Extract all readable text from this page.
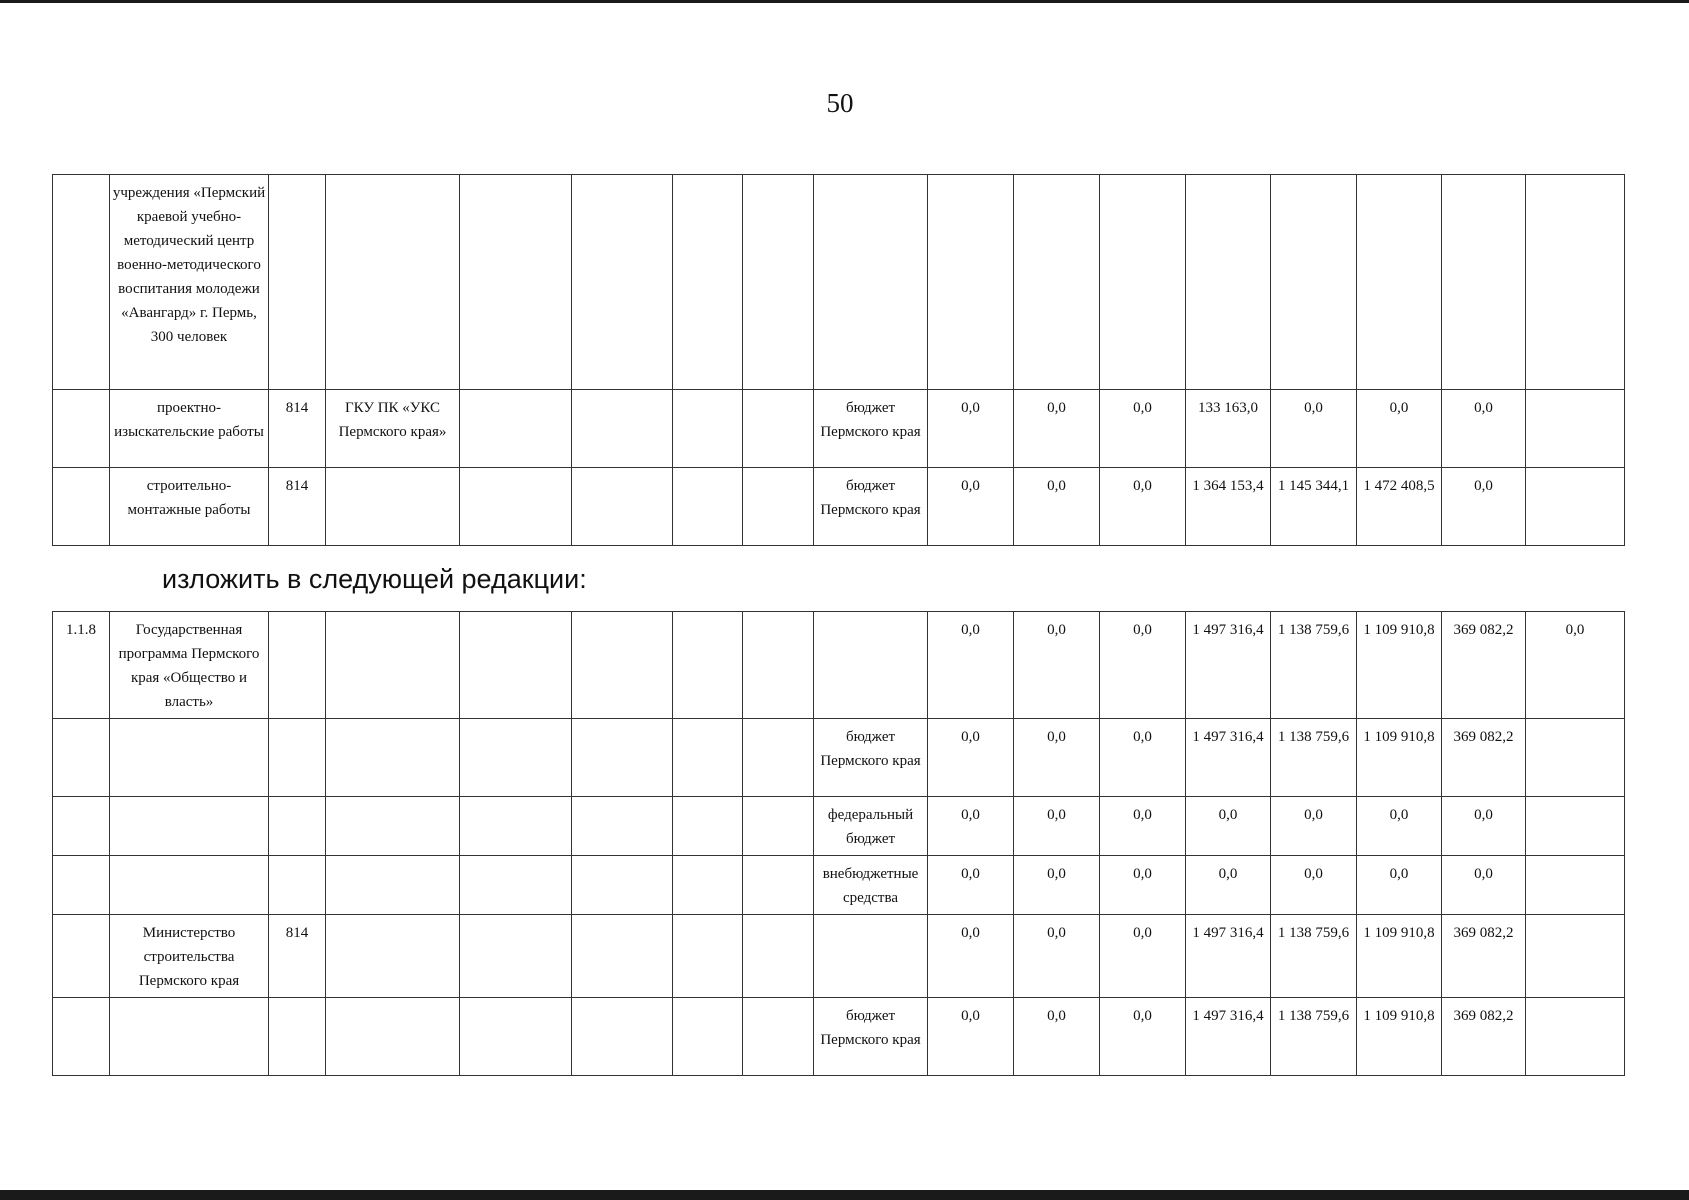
50
	учреждения «Пермский краевой учебно-методический центр военно-методического воспитания молодежи «Авангард» г. Пермь, 300 человек															
	проектно-изыскательские работы	814	ГКУ ПК «УКС Пермского края»					бюджет Пермского края	0,0	0,0	0,0	133 163,0	0,0	0,0	0,0	
	строительно-монтажные работы	814						бюджет Пермского края	0,0	0,0	0,0	1 364 153,4	1 145 344,1	1 472 408,5	0,0	
изложить в следующей редакции:
1.1.8	Государственная программа Пермского края «Общество и власть»								0,0	0,0	0,0	1 497 316,4	1 138 759,6	1 109 910,8	369 082,2	0,0
								бюджет Пермского края	0,0	0,0	0,0	1 497 316,4	1 138 759,6	1 109 910,8	369 082,2	
								федеральный бюджет	0,0	0,0	0,0	0,0	0,0	0,0	0,0	
								внебюджетные средства	0,0	0,0	0,0	0,0	0,0	0,0	0,0	
	Министерство строительства Пермского края	814							0,0	0,0	0,0	1 497 316,4	1 138 759,6	1 109 910,8	369 082,2	
								бюджет Пермского края	0,0	0,0	0,0	1 497 316,4	1 138 759,6	1 109 910,8	369 082,2	
